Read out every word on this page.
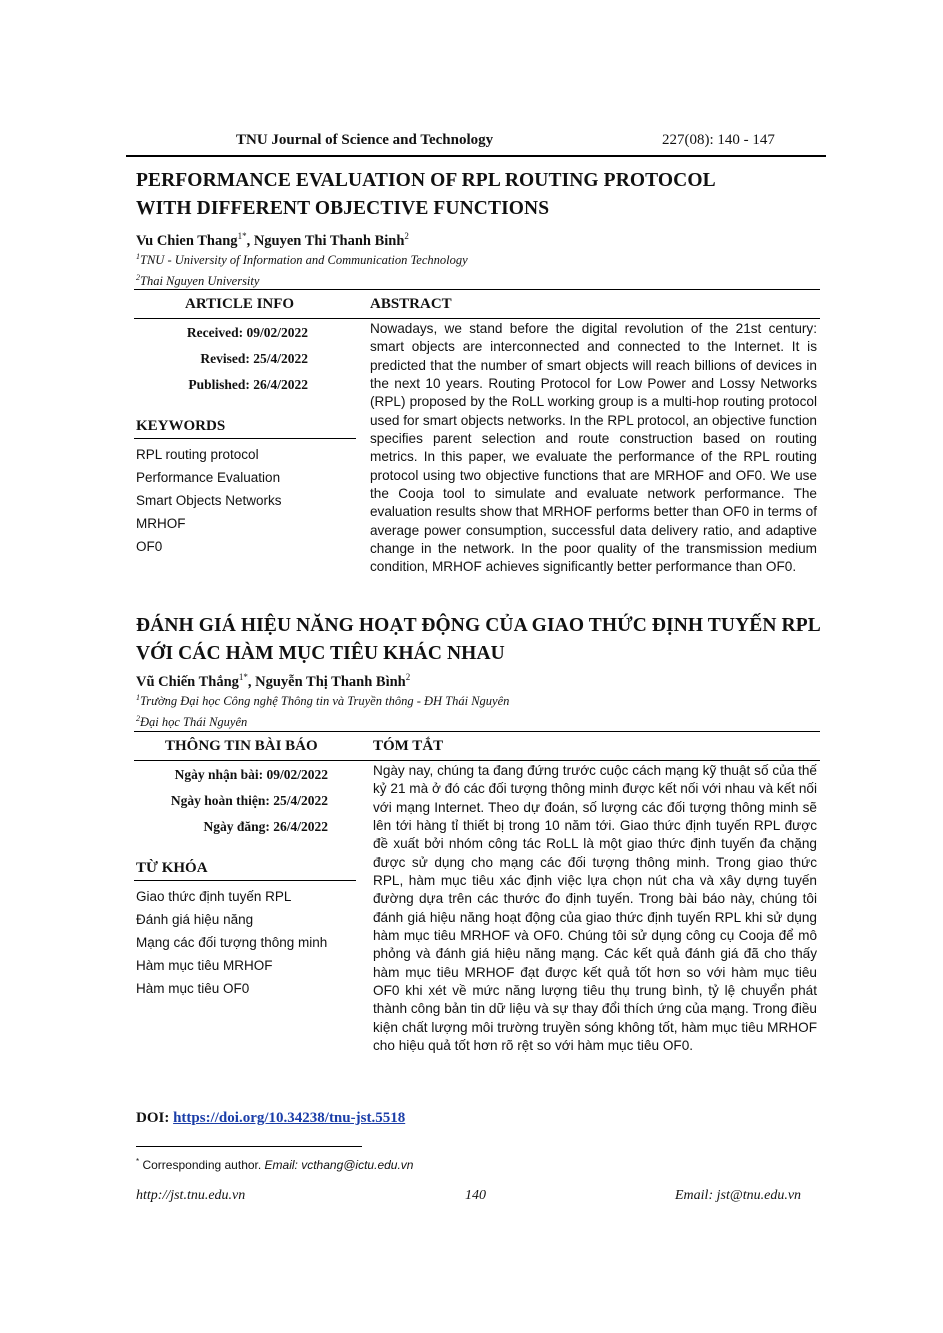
TNU Journal of Science and Technology	227(08): 140 - 147
PERFORMANCE EVALUATION OF RPL ROUTING PROTOCOL
WITH DIFFERENT OBJECTIVE FUNCTIONS
Vu Chien Thang$^{1*}$, Nguyen Thi Thanh Binh$^2$
$^1$TNU - University of Information and Communication Technology
$^2$Thai Nguyen University
ARTICLE INFO	ABSTRACT
Received: 09/02/2022
Revised: 25/4/2022
Published: 26/4/2022
KEYWORDS
RPL routing protocol
Performance Evaluation
Smart Objects Networks
MRHOF
OF0
Nowadays, we stand before the digital revolution of the 21st century: smart objects are interconnected and connected to the Internet. It is predicted that the number of smart objects will reach billions of devices in the next 10 years. Routing Protocol for Low Power and Lossy Networks (RPL) proposed by the RoLL working group is a multi-hop routing protocol used for smart objects networks. In the RPL protocol, an objective function specifies parent selection and route construction based on routing metrics. In this paper, we evaluate the performance of the RPL routing protocol using two objective functions that are MRHOF and OF0. We use the Cooja tool to simulate and evaluate network performance. The evaluation results show that MRHOF performs better than OF0 in terms of average power consumption, successful data delivery ratio, and adaptive change in the network. In the poor quality of the transmission medium condition, MRHOF achieves significantly better performance than OF0.
ĐÁNH GIÁ HIỆU NĂNG HOẠT ĐỘNG CỦA GIAO THỨC ĐỊNH TUYẾN RPL
VỚI CÁC HÀM MỤC TIÊU KHÁC NHAU
Vũ Chiến Thắng$^{1*}$, Nguyễn Thị Thanh Bình$^2$
$^1$Trường Đại học Công nghệ Thông tin và Truyền thông - ĐH Thái Nguyên
$^2$Đại học Thái Nguyên
THÔNG TIN BÀI BÁO	TÓM TẮT
Ngày nhận bài: 09/02/2022
Ngày hoàn thiện: 25/4/2022
Ngày đăng: 26/4/2022
TỪ KHÓA
Giao thức định tuyến RPL
Đánh giá hiệu năng
Mạng các đối tượng thông minh
Hàm mục tiêu MRHOF
Hàm mục tiêu OF0
Ngày nay, chúng ta đang đứng trước cuộc cách mạng kỹ thuật số của thế kỷ 21 mà ở đó các đối tượng thông minh được kết nối với nhau và kết nối với mạng Internet. Theo dự đoán, số lượng các đối tượng thông minh sẽ lên tới hàng tỉ thiết bị trong 10 năm tới. Giao thức định tuyến RPL được đề xuất bởi nhóm công tác RoLL là một giao thức định tuyến đa chặng được sử dụng cho mạng các đối tượng thông minh. Trong giao thức RPL, hàm mục tiêu xác định việc lựa chọn nút cha và xây dựng tuyến đường dựa trên các thước đo định tuyến. Trong bài báo này, chúng tôi đánh giá hiệu năng hoạt động của giao thức định tuyến RPL khi sử dụng hàm mục tiêu MRHOF và OF0. Chúng tôi sử dụng công cụ Cooja để mô phỏng và đánh giá hiệu năng mạng. Các kết quả đánh giá đã cho thấy hàm mục tiêu MRHOF đạt được kết quả tốt hơn so với hàm mục tiêu OF0 khi xét về mức năng lượng tiêu thụ trung bình, tỷ lệ chuyển phát thành công bản tin dữ liệu và sự thay đổi thích ứng của mạng. Trong điều kiện chất lượng môi trường truyền sóng không tốt, hàm mục tiêu MRHOF cho hiệu quả tốt hơn rõ rệt so với hàm mục tiêu OF0.
DOI: https://doi.org/10.34238/tnu-jst.5518
* Corresponding author. Email: vcthang@ictu.edu.vn
http://jst.tnu.edu.vn	140	Email: jst@tnu.edu.vn
